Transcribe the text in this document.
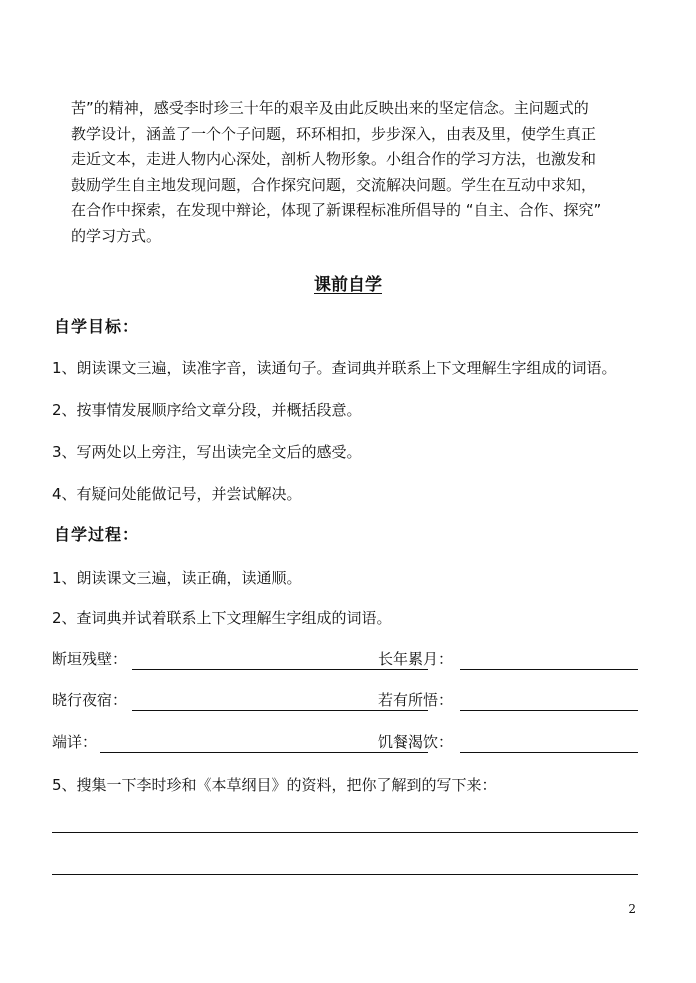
苦”的精神，感受李时珍三十年的艰辛及由此反映出来的坚定信念。主问题式的
教学设计，涵盖了一个个子问题，环环相扣，步步深入，由表及里，使学生真正
走近文本，走进人物内心深处，剖析人物形象。小组合作的学习方法，也激发和
鼓励学生自主地发现问题，合作探究问题，交流解决问题。学生在互动中求知，
在合作中探索，在发现中辩论，体现了新课程标准所倡导的 “自主、合作、探究”
的学习方式。
课前自学
自学目标：
1、朗读课文三遍，读准字音，读通句子。查词典并联系上下文理解生字组成的词语。
2、按事情发展顺序给文章分段，并概括段意。
3、写两处以上旁注，写出读完全文后的感受。
4、有疑问处能做记号，并尝试解决。
自学过程：
1、朗读课文三遍，读正确，读通顺。
2、查词典并试着联系上下文理解生字组成的词语。
断垣残壁：	长年累月：
晓行夜宿：	若有所悟：
端详：	饥餐渴饮：
5、搜集一下李时珍和《本草纲目》的资料，把你了解到的写下来：
2
